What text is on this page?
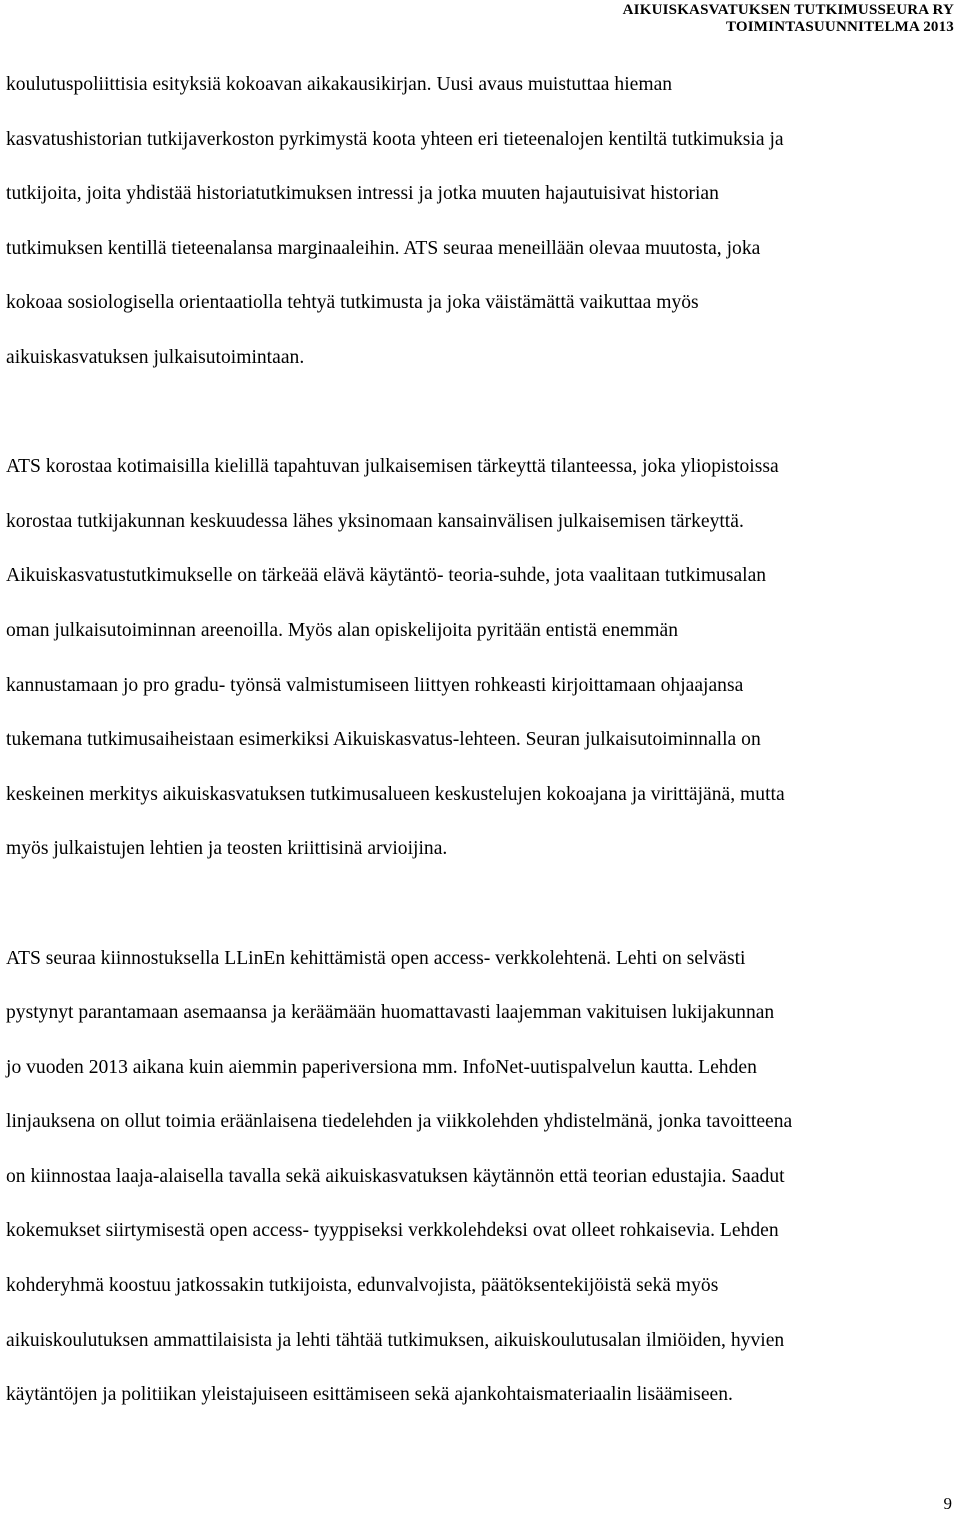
AIKUISKASVATUKSEN TUTKIMUSSEURA RY
TOIMINTASUUNNITELMA 2013

koulutuspoliittisia esityksiä kokoavan aikakausikirjan. Uusi avaus muistuttaa hieman
kasvatushistorian tutkijaverkoston pyrkimystä koota yhteen eri tieteenalojen kentiltä tutkimuksia ja
tutkijoita, joita yhdistää historiatutkimuksen intressi ja jotka muuten hajautuisivat historian
tutkimuksen kentillä tieteenalansa marginaaleihin. ATS seuraa meneillään olevaa muutosta, joka
kokoaa sosiologisella orientaatiolla tehtyä tutkimusta ja joka väistämättä vaikuttaa myös
aikuiskasvatuksen julkaisutoimintaan.

ATS korostaa kotimaisilla kielillä tapahtuvan julkaisemisen tärkeyttä tilanteessa, joka yliopistoissa
korostaa tutkijakunnan keskuudessa lähes yksinomaan kansainvälisen julkaisemisen tärkeyttä.
Aikuiskasvatustutkimukselle on tärkeää elävä käytäntö- teoria-suhde, jota vaalitaan tutkimusalan
oman julkaisutoiminnan areenoilla. Myös alan opiskelijoita pyritään entistä enemmän
kannustamaan jo pro gradu- työnsä valmistumiseen liittyen rohkeasti kirjoittamaan ohjaajansa
tukemana tutkimusaiheistaan esimerkiksi Aikuiskasvatus-lehteen. Seuran julkaisutoiminnalla on
keskeinen merkitys aikuiskasvatuksen tutkimusalueen keskustelujen kokoajana ja virittäjänä, mutta
myös julkaistujen lehtien ja teosten kriittisinä arvioijina.

ATS seuraa kiinnostuksella LLinEn kehittämistä open access- verkkolehtenä. Lehti on selvästi
pystynyt parantamaan asemaansa ja keräämään huomattavasti laajemman vakituisen lukijakunnan
jo vuoden 2013 aikana kuin aiemmin paperiversiona mm. InfoNet-uutispalvelun kautta. Lehden
linjauksena on ollut toimia eräänlaisena tiedelehden ja viikkolehden yhdistelmänä, jonka tavoitteena
on kiinnostaa laaja-alaisella tavalla sekä aikuiskasvatuksen käytännön että teorian edustajia. Saadut
kokemukset siirtymisestä open access- tyyppiseksi verkkolehdeksi ovat olleet rohkaisevia. Lehden
kohderyhmä koostuu jatkossakin tutkijoista, edunvalvojista, päätöksentekijöistä sekä myös
aikuiskoulutuksen ammattilaisista ja lehti tähtää tutkimuksen, aikuiskoulutusalan ilmiöiden, hyvien
käytäntöjen ja politiikan yleistajuiseen esittämiseen sekä ajankohtaismateriaalin lisäämiseen.

9
